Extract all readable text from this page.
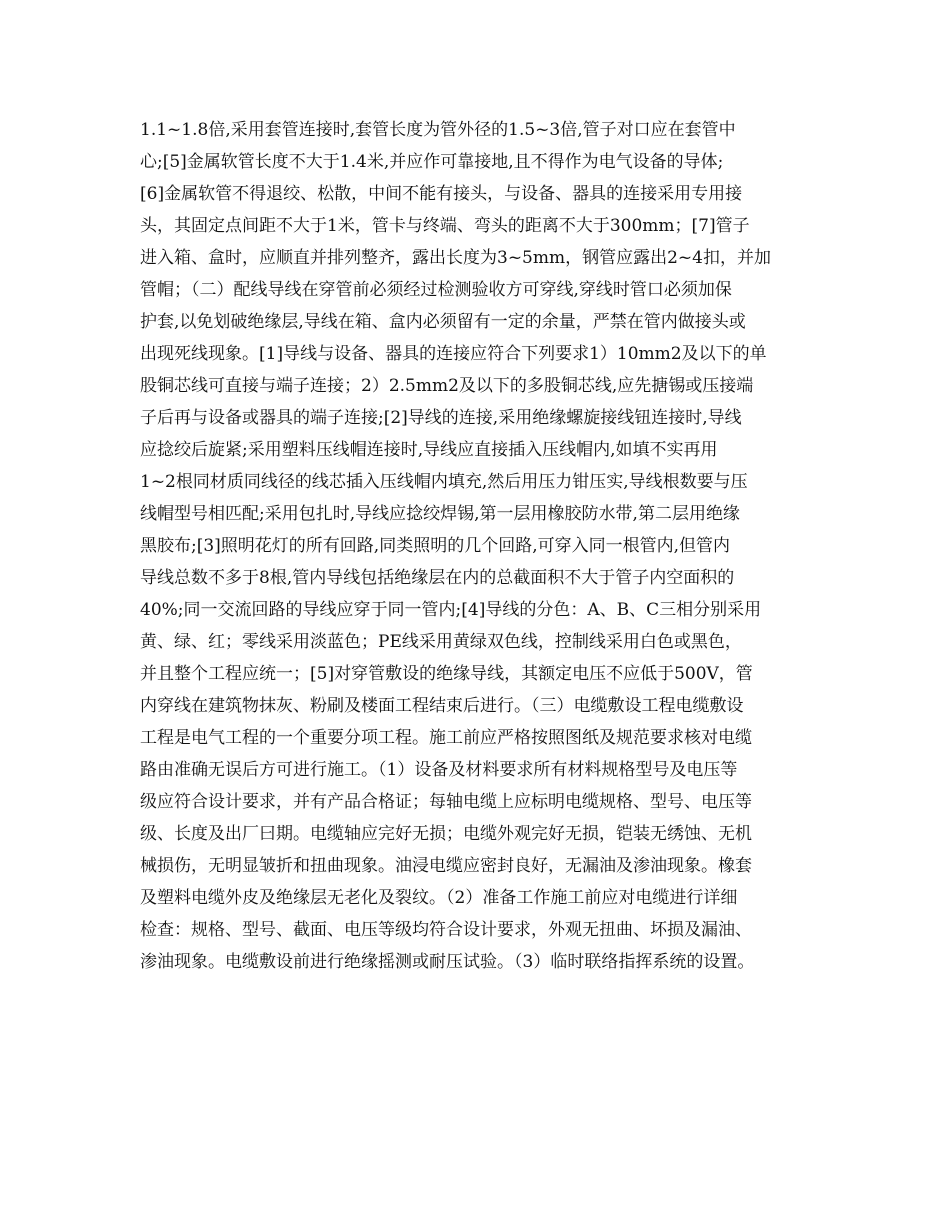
1.1~1.8倍,采用套管连接时,套管长度为管外径的1.5~3倍,管子对口应在套管中
心;[5]金属软管长度不大于1.4米,并应作可靠接地,且不得作为电气设备的导体;
[6]金属软管不得退绞、松散，中间不能有接头，与设备、器具的连接采用专用接
头，其固定点间距不大于1米，管卡与终端、弯头的距离不大于300mm；[7]管子
进入箱、盒时，应顺直并排列整齐，露出长度为3~5mm，钢管应露出2~4扣，并加
管帽；（二）配线导线在穿管前必须经过检测验收方可穿线,穿线时管口必须加保
护套,以免划破绝缘层,导线在箱、盒内必须留有一定的余量，严禁在管内做接头或
出现死线现象。[1]导线与设备、器具的连接应符合下列要求1）10mm2及以下的单
股铜芯线可直接与端子连接；2）2.5mm2及以下的多股铜芯线,应先搪锡或压接端
子后再与设备或器具的端子连接;[2]导线的连接,采用绝缘螺旋接线钮连接时,导线
应捻绞后旋紧;采用塑料压线帽连接时,导线应直接插入压线帽内,如填不实再用
1~2根同材质同线径的线芯插入压线帽内填充,然后用压力钳压实,导线根数要与压
线帽型号相匹配;采用包扎时,导线应捻绞焊锡,第一层用橡胶防水带,第二层用绝缘
黑胶布;[3]照明花灯的所有回路,同类照明的几个回路,可穿入同一根管内,但管内
导线总数不多于8根,管内导线包括绝缘层在内的总截面积不大于管子内空面积的
40%;同一交流回路的导线应穿于同一管内;[4]导线的分色：A、B、C三相分别采用
黄、绿、红；零线采用淡蓝色；PE线采用黄绿双色线，控制线采用白色或黑色，
并且整个工程应统一；[5]对穿管敷设的绝缘导线，其额定电压不应低于500V，管
内穿线在建筑物抹灰、粉刷及楼面工程结束后进行。（三）电缆敷设工程电缆敷设
工程是电气工程的一个重要分项工程。施工前应严格按照图纸及规范要求核对电缆
路由准确无误后方可进行施工。（1）设备及材料要求所有材料规格型号及电压等
级应符合设计要求，并有产品合格证；每轴电缆上应标明电缆规格、型号、电压等
级、长度及出厂曰期。电缆轴应完好无损；电缆外观完好无损，铠装无绣蚀、无机
械损伤，无明显皱折和扭曲现象。油浸电缆应密封良好，无漏油及渗油现象。橡套
及塑料电缆外皮及绝缘层无老化及裂纹。（2）准备工作施工前应对电缆进行详细
检查：规格、型号、截面、电压等级均符合设计要求，外观无扭曲、坏损及漏油、
渗油现象。电缆敷设前进行绝缘摇测或耐压试验。（3）临时联络指挥系统的设置。
